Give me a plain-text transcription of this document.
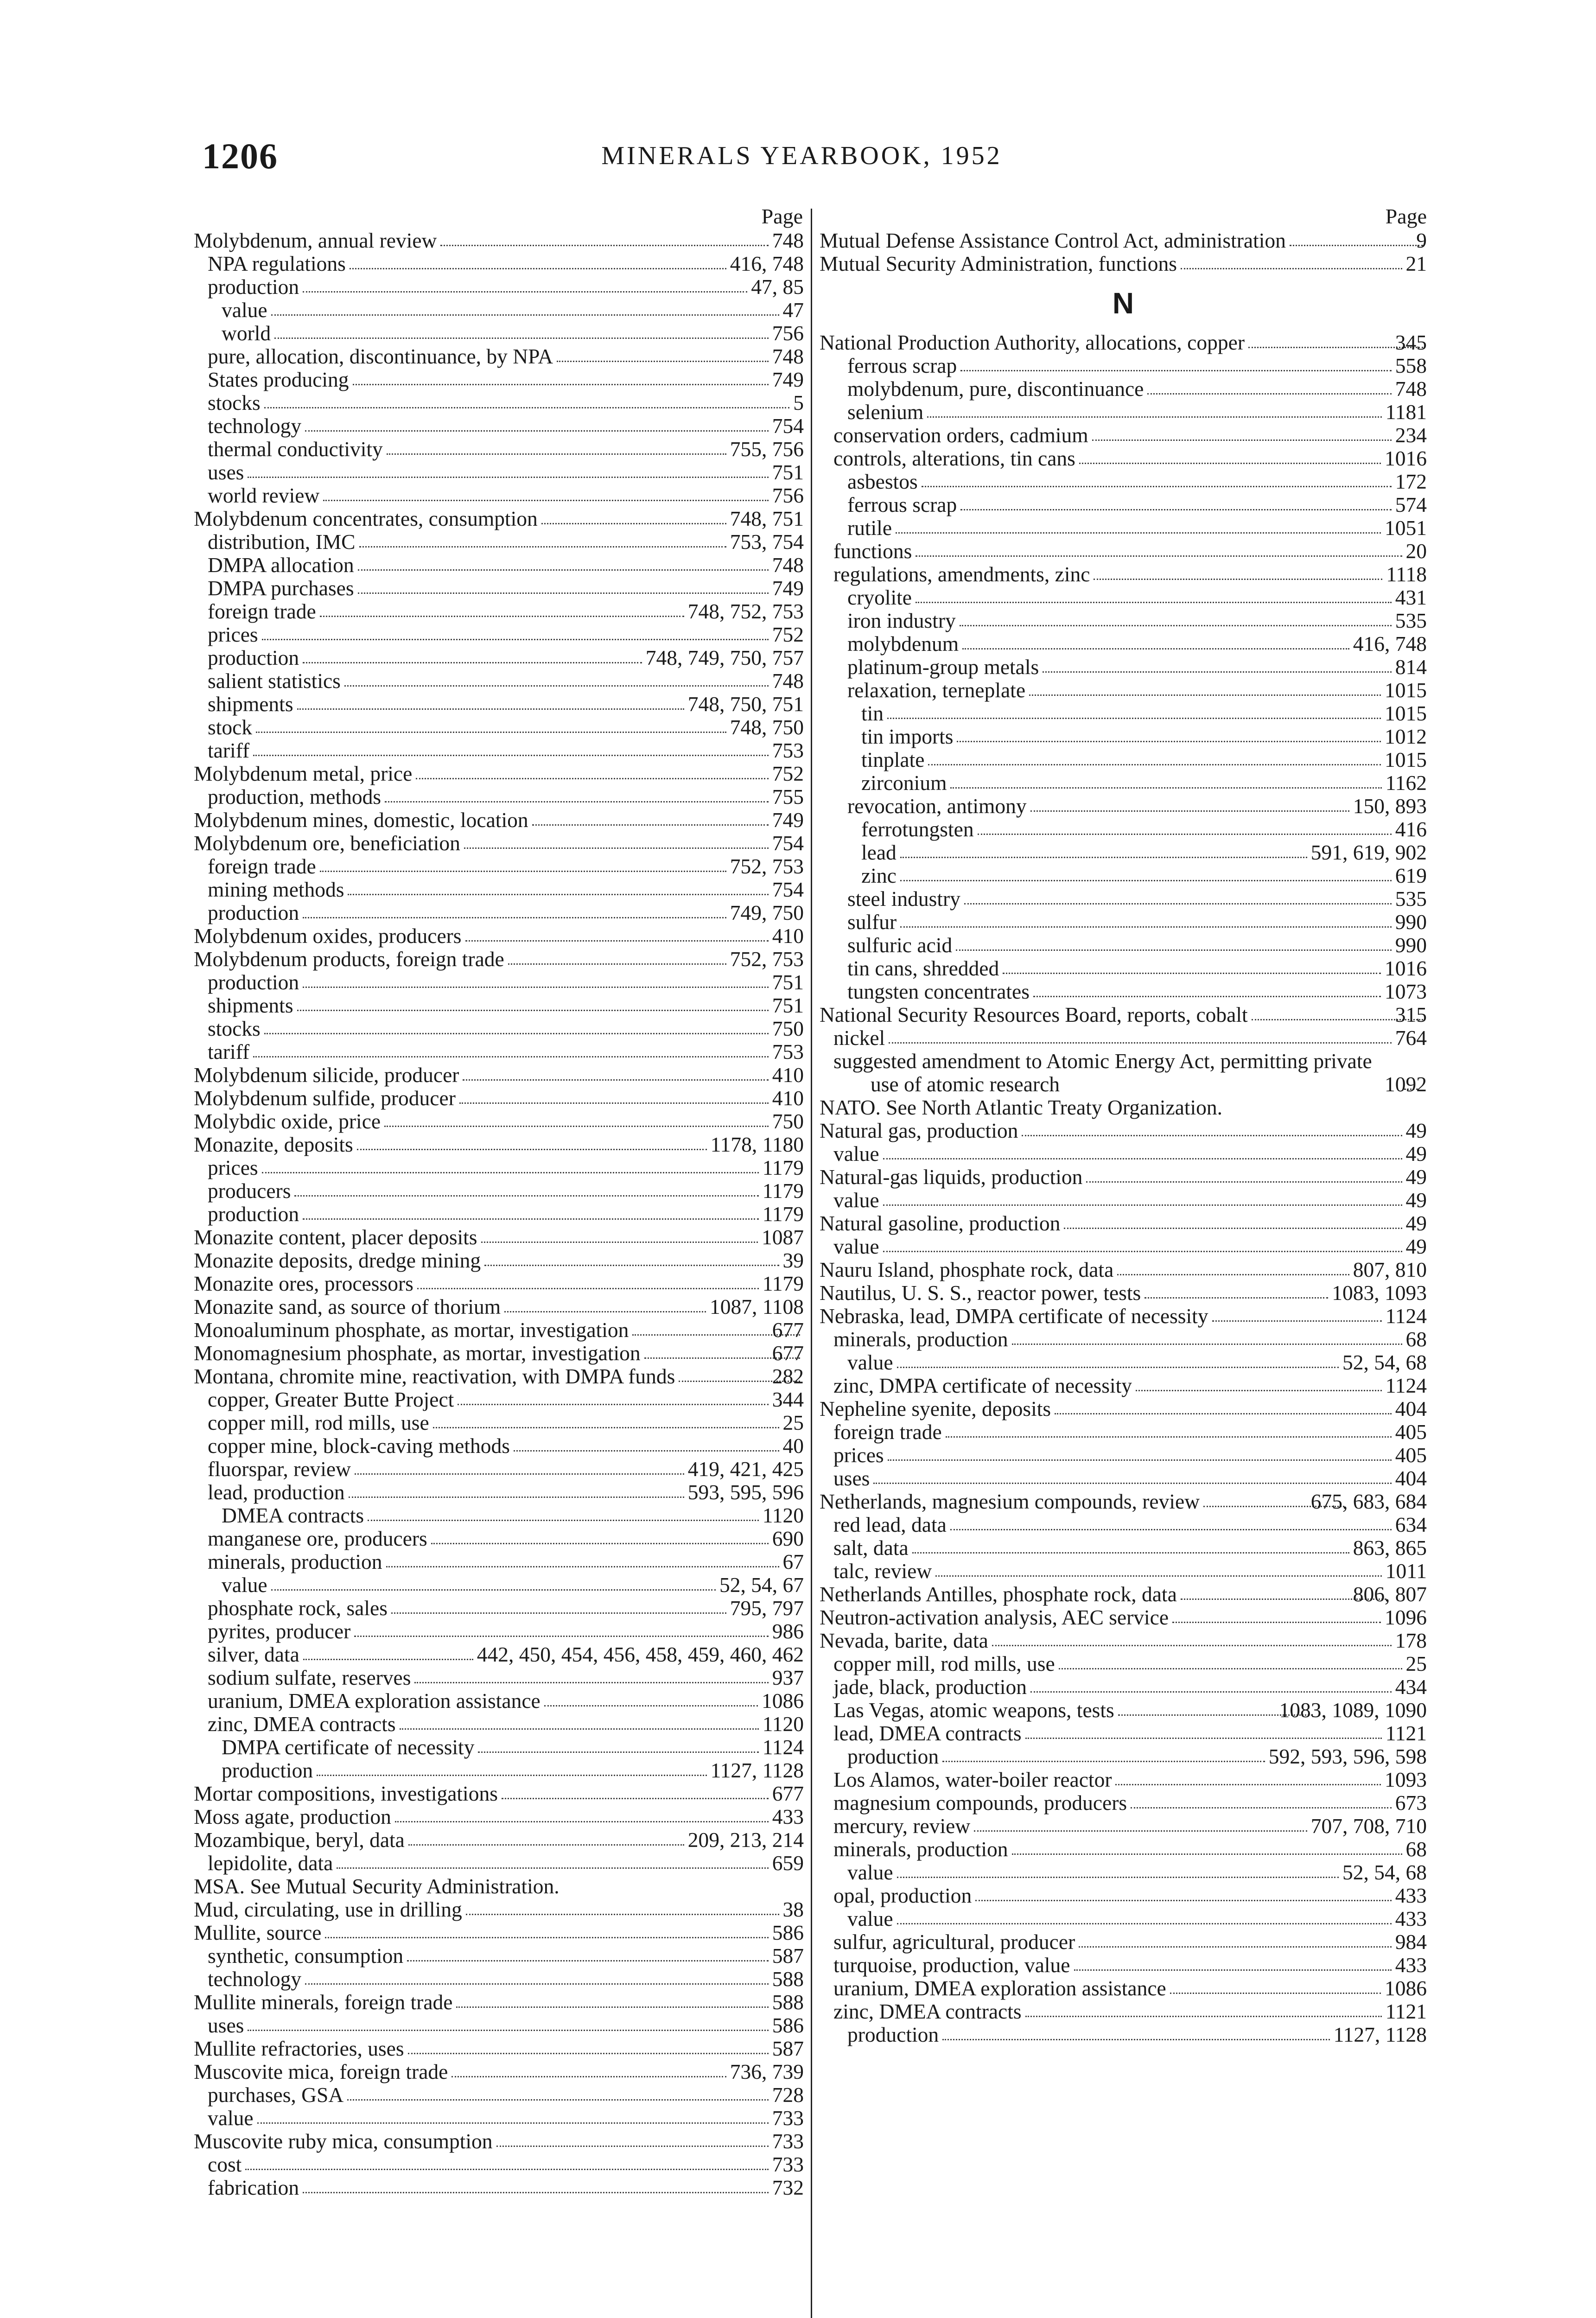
1206	MINERALS YEARBOOK, 1952
Page
Molybdenum, annual review	748
NPA regulations	416, 748
production	47, 85
value	47
world	756
pure, allocation, discontinuance, by NPA	748
States producing	749
stocks	5
technology	754
thermal conductivity	755, 756
uses	751
world review	756
Molybdenum concentrates, consumption	748, 751
distribution, IMC	753, 754
DMPA allocation	748
DMPA purchases	749
foreign trade	748, 752, 753
prices	752
production	748, 749, 750, 757
salient statistics	748
shipments	748, 750, 751
stock	748, 750
tariff	753
Molybdenum metal, price	752
production, methods	755
Molybdenum mines, domestic, location	749
Molybdenum ore, beneficiation	754
foreign trade	752, 753
mining methods	754
production	749, 750
Molybdenum oxides, producers	410
Molybdenum products, foreign trade	752, 753
production	751
shipments	751
stocks	750
tariff	753
Molybdenum silicide, producer	410
Molybdenum sulfide, producer	410
Molybdic oxide, price	750
Monazite, deposits	1178, 1180
prices	1179
producers	1179
production	1179
Monazite content, placer deposits	1087
Monazite deposits, dredge mining	39
Monazite ores, processors	1179
Monazite sand, as source of thorium	1087, 1108
Monoaluminum phosphate, as mortar, investigation	677
Monomagnesium phosphate, as mortar, investigation	677
Montana, chromite mine, reactivation, with DMPA funds	282
copper, Greater Butte Project	344
copper mill, rod mills, use	25
copper mine, block-caving methods	40
fluorspar, review	419, 421, 425
lead, production	593, 595, 596
DMEA contracts	1120
manganese ore, producers	690
minerals, production	67
value	52, 54, 67
phosphate rock, sales	795, 797
pyrites, producer	986
silver, data	442, 450, 454, 456, 458, 459, 460, 462
sodium sulfate, reserves	937
uranium, DMEA exploration assistance	1086
zinc, DMEA contracts	1120
DMPA certificate of necessity	1124
production	1127, 1128
Mortar compositions, investigations	677
Moss agate, production	433
Mozambique, beryl, data	209, 213, 214
lepidolite, data	659
MSA. See Mutual Security Administration.
Mud, circulating, use in drilling	38
Mullite, source	586
synthetic, consumption	587
technology	588
Mullite minerals, foreign trade	588
uses	586
Mullite refractories, uses	587
Muscovite mica, foreign trade	736, 739
purchases, GSA	728
value	733
Muscovite ruby mica, consumption	733
cost	733
fabrication	732
Page
Mutual Defense Assistance Control Act, administration	9
Mutual Security Administration, functions	21
N
National Production Authority, allocations, copper	345
ferrous scrap	558
molybdenum, pure, discontinuance	748
selenium	1181
conservation orders, cadmium	234
controls, alterations, tin cans	1016
asbestos	172
ferrous scrap	574
rutile	1051
functions	20
regulations, amendments, zinc	1118
cryolite	431
iron industry	535
molybdenum	416, 748
platinum-group metals	814
relaxation, terneplate	1015
tin	1015
tin imports	1012
tinplate	1015
zirconium	1162
revocation, antimony	150, 893
ferrotungsten	416
lead	591, 619, 902
zinc	619
steel industry	535
sulfur	990
sulfuric acid	990
tin cans, shredded	1016
tungsten concentrates	1073
National Security Resources Board, reports, cobalt	315
nickel	764
suggested amendment to Atomic Energy Act, permitting private use of atomic research	1092
NATO. See North Atlantic Treaty Organization.
Natural gas, production	49
value	49
Natural-gas liquids, production	49
value	49
Natural gasoline, production	49
value	49
Nauru Island, phosphate rock, data	807, 810
Nautilus, U. S. S., reactor power, tests	1083, 1093
Nebraska, lead, DMPA certificate of necessity	1124
minerals, production	68
value	52, 54, 68
zinc, DMPA certificate of necessity	1124
Nepheline syenite, deposits	404
foreign trade	405
prices	405
uses	404
Netherlands, magnesium compounds, review	675, 683, 684
red lead, data	634
salt, data	863, 865
talc, review	1011
Netherlands Antilles, phosphate rock, data	806, 807
Neutron-activation analysis, AEC service	1096
Nevada, barite, data	178
copper mill, rod mills, use	25
jade, black, production	434
Las Vegas, atomic weapons, tests	1083, 1089, 1090
lead, DMEA contracts	1121
production	592, 593, 596, 598
Los Alamos, water-boiler reactor	1093
magnesium compounds, producers	673
mercury, review	707, 708, 710
minerals, production	68
value	52, 54, 68
opal, production	433
value	433
sulfur, agricultural, producer	984
turquoise, production, value	433
uranium, DMEA exploration assistance	1086
zinc, DMEA contracts	1121
production	1127, 1128
